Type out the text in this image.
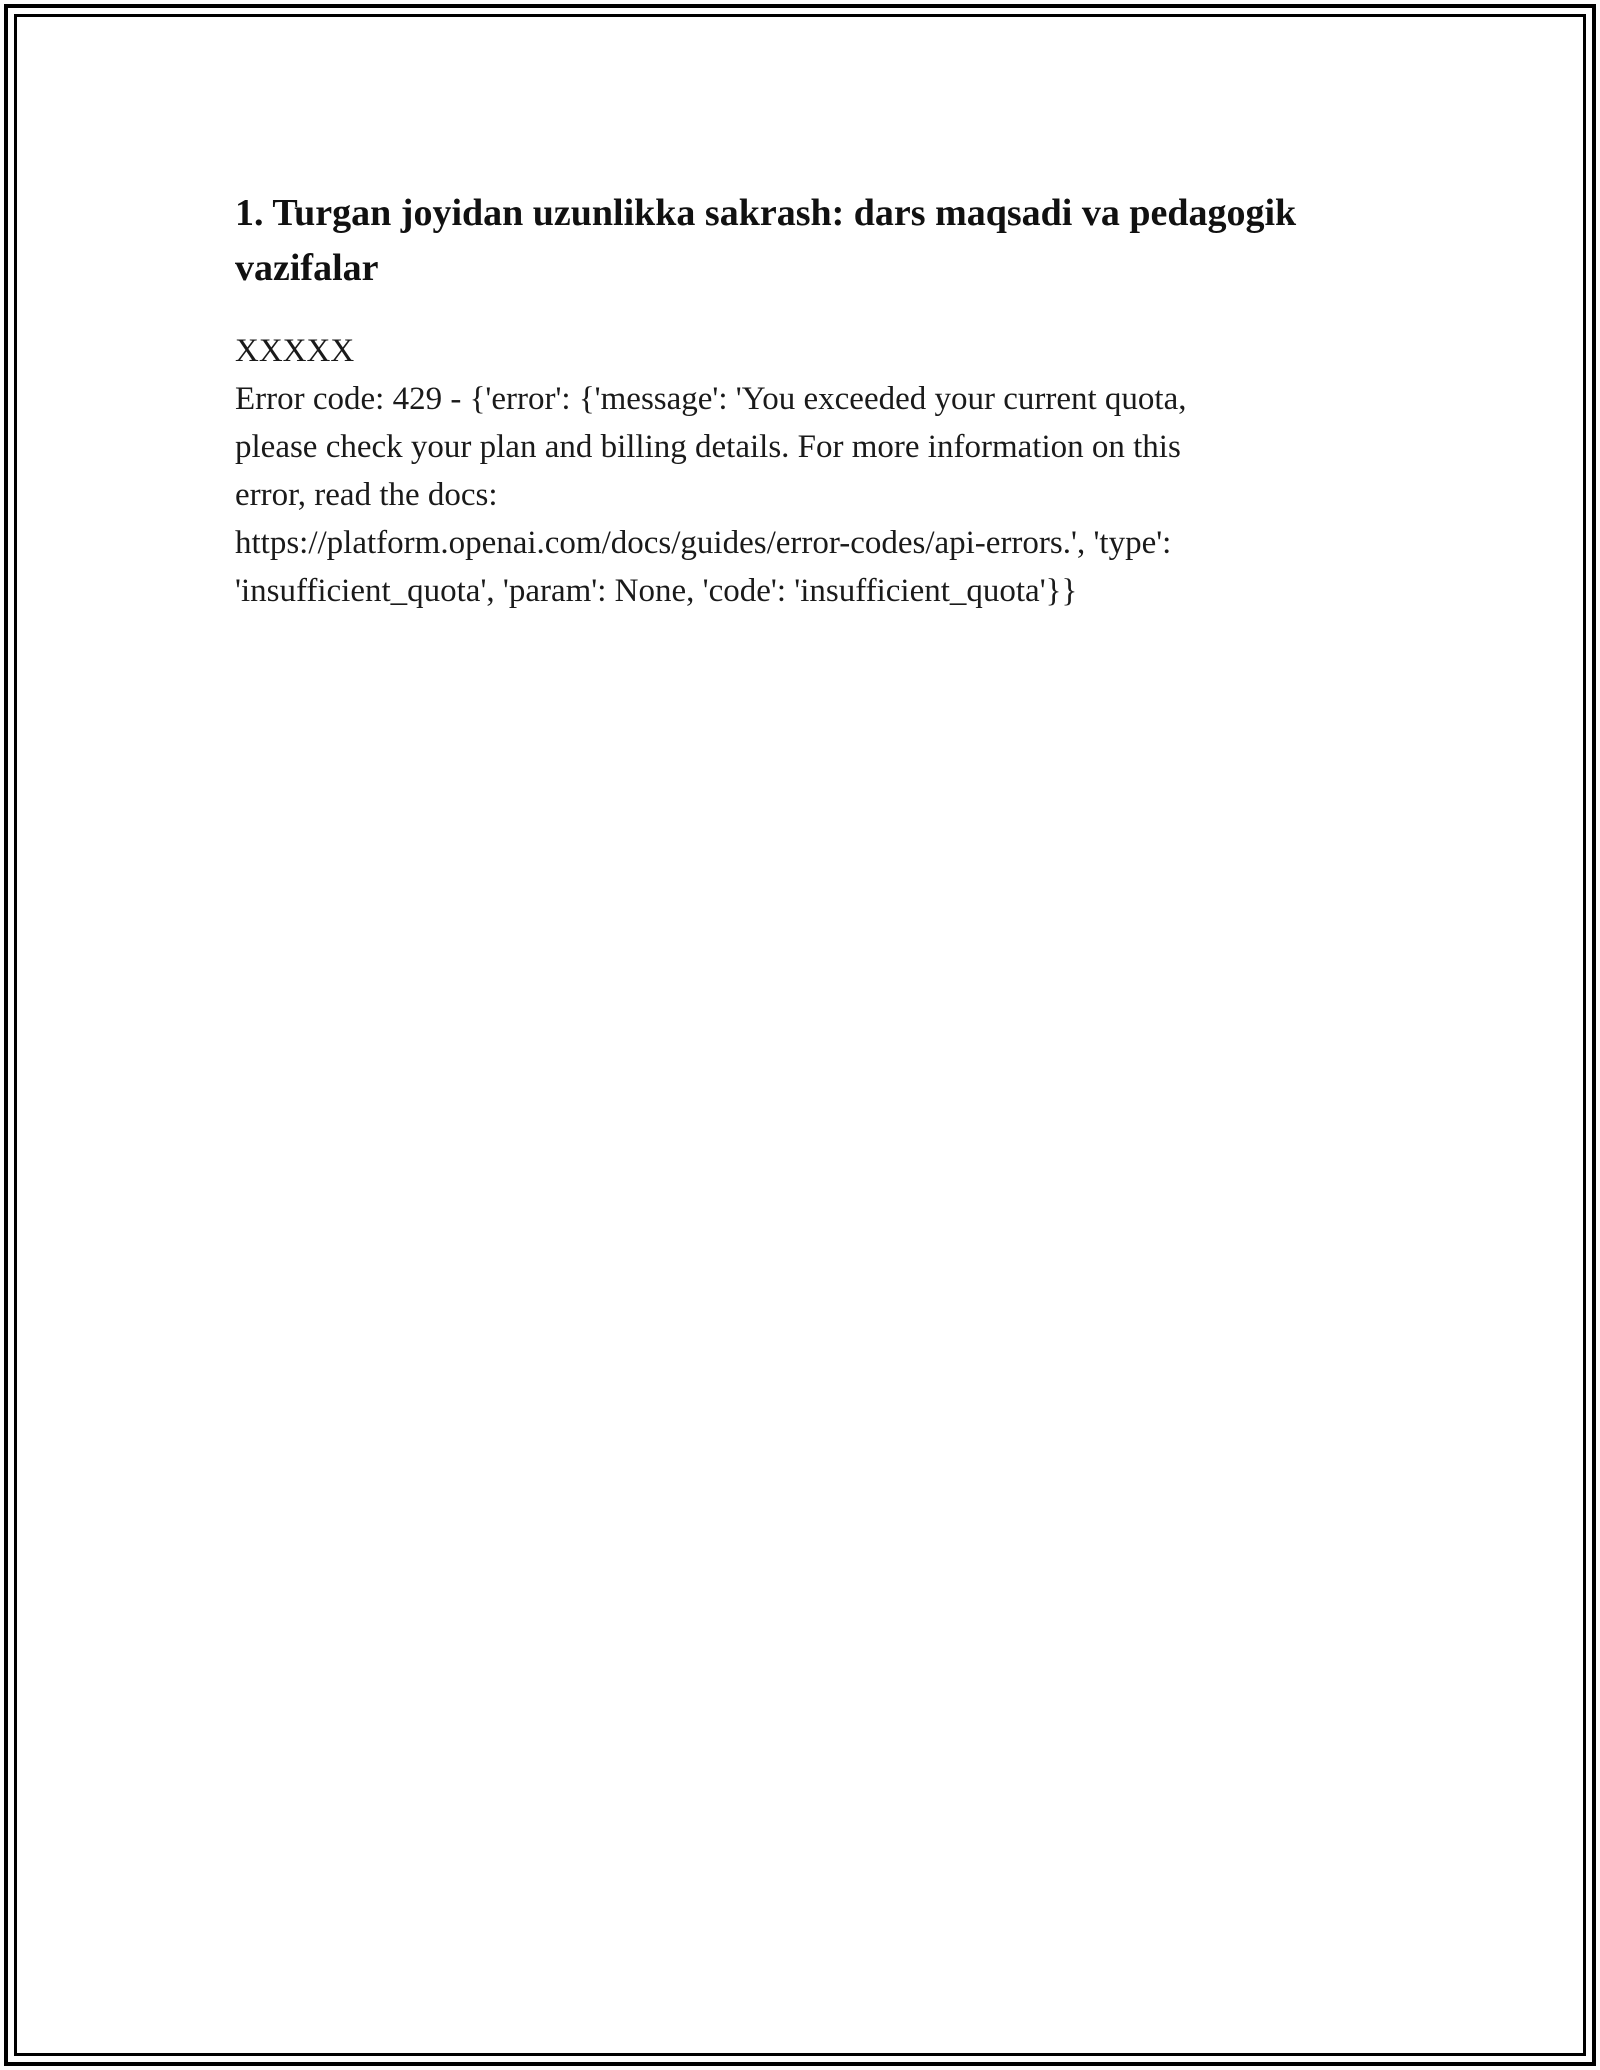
1. Turgan joyidan uzunlikka sakrash: dars maqsadi va pedagogik vazifalar

XXXXX

Error code: 429 - {'error': {'message': 'You exceeded your current quota,

please check your plan and billing details. For more information on this

error, read the docs:

https://platform.openai.com/docs/guides/error-codes/api-errors.', 'type':

'insufficient_quota', 'param': None, 'code': 'insufficient_quota'}}
